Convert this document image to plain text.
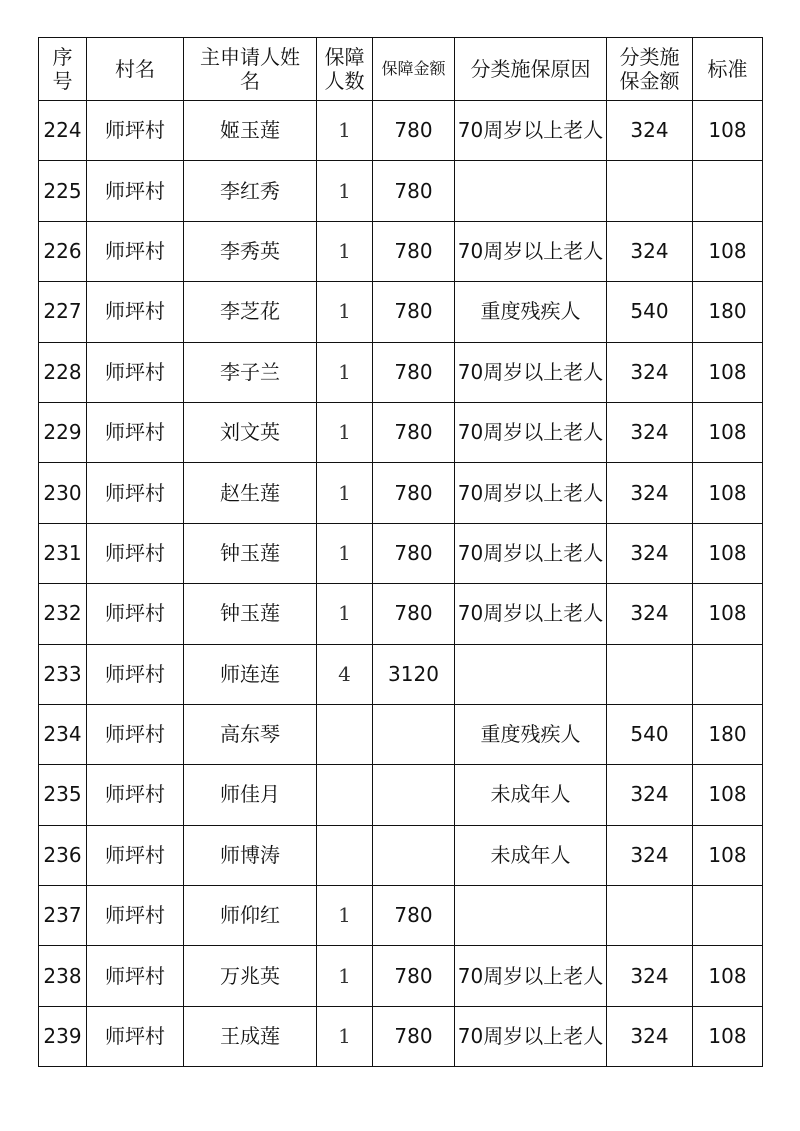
序号	村名	主申请人姓名	保障人数	保障金额	分类施保原因	分类施保金额	标准
224	师坪村	姬玉莲	1	780	70周岁以上老人	324	108
225	师坪村	李红秀	1	780			
226	师坪村	李秀英	1	780	70周岁以上老人	324	108
227	师坪村	李芝花	1	780	重度残疾人	540	180
228	师坪村	李子兰	1	780	70周岁以上老人	324	108
229	师坪村	刘文英	1	780	70周岁以上老人	324	108
230	师坪村	赵生莲	1	780	70周岁以上老人	324	108
231	师坪村	钟玉莲	1	780	70周岁以上老人	324	108
232	师坪村	钟玉莲	1	780	70周岁以上老人	324	108
233	师坪村	师连连	4	3120			
234	师坪村	高东琴			重度残疾人	540	180
235	师坪村	师佳月			未成年人	324	108
236	师坪村	师博涛			未成年人	324	108
237	师坪村	师仰红	1	780			
238	师坪村	万兆英	1	780	70周岁以上老人	324	108
239	师坪村	王成莲	1	780	70周岁以上老人	324	108
